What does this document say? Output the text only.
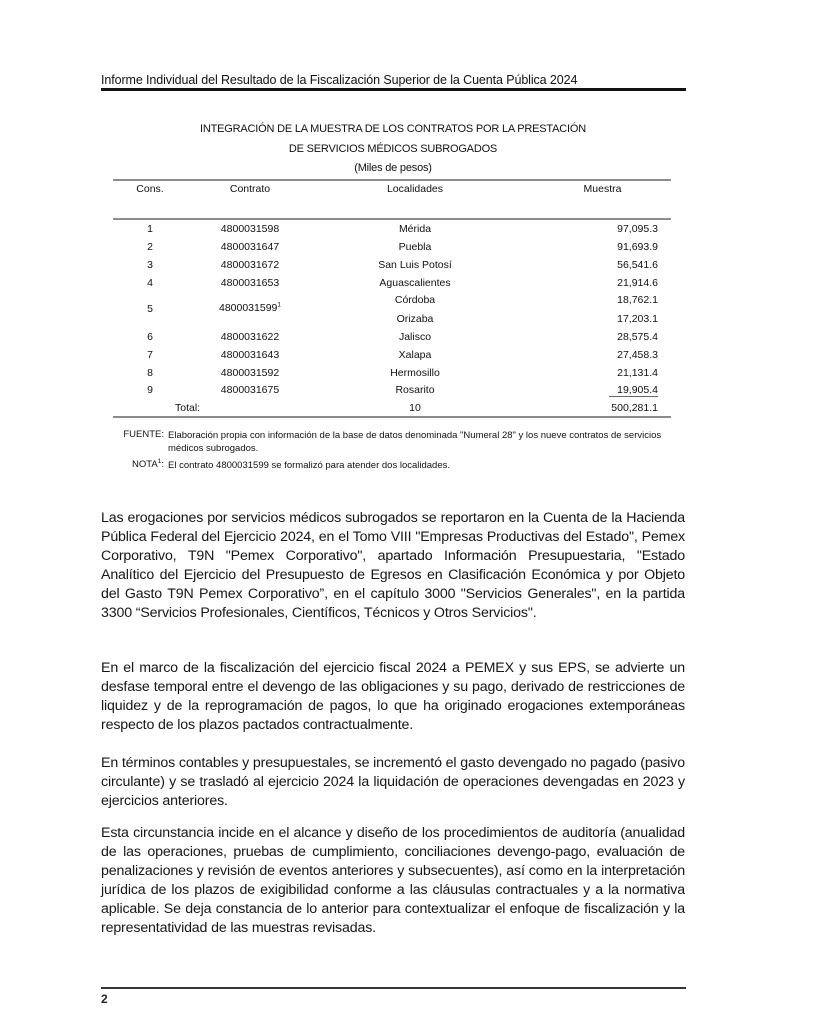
Informe Individual del Resultado de la Fiscalización Superior de la Cuenta Pública 2024
INTEGRACIÓN DE LA MUESTRA DE LOS CONTRATOS POR LA PRESTACIÓN
DE SERVICIOS MÉDICOS SUBROGADOS
(Miles de pesos)
Cons.	Contrato	Localidades	Muestra
1	4800031598	Mérida	97,095.3
2	4800031647	Puebla	91,693.9
3	4800031672	San Luis Potosí	56,541.6
4	4800031653	Aguascalientes	21,914.6
5	4800031599$^1$	Córdoba	18,762.1
Orizaba	17,203.1
6	4800031622	Jalisco	28,575.4
7	4800031643	Xalapa	27,458.3
8	4800031592	Hermosillo	21,131.4
9	4800031675	Rosarito	19,905.4
Total:	10	500,281.1
FUENTE: Elaboración propia con información de la base de datos denominada "Numeral 28" y los nueve contratos de servicios médicos subrogados.
NOTA$^1$: El contrato 4800031599 se formalizó para atender dos localidades.

Las erogaciones por servicios médicos subrogados se reportaron en la Cuenta de la Hacienda Pública Federal del Ejercicio 2024, en el Tomo VIII "Empresas Productivas del Estado", Pemex Corporativo, T9N "Pemex Corporativo", apartado Información Presupuestaria, "Estado Analítico del Ejercicio del Presupuesto de Egresos en Clasificación Económica y por Objeto del Gasto T9N Pemex Corporativo”, en el capítulo 3000 "Servicios Generales", en la partida 3300 “Servicios Profesionales, Científicos, Técnicos y Otros Servicios".

En el marco de la fiscalización del ejercicio fiscal 2024 a PEMEX y sus EPS, se advierte un desfase temporal entre el devengo de las obligaciones y su pago, derivado de restricciones de liquidez y de la reprogramación de pagos, lo que ha originado erogaciones extemporáneas respecto de los plazos pactados contractualmente.

En términos contables y presupuestales, se incrementó el gasto devengado no pagado (pasivo circulante) y se trasladó al ejercicio 2024 la liquidación de operaciones devengadas en 2023 y ejercicios anteriores.

Esta circunstancia incide en el alcance y diseño de los procedimientos de auditoría (anualidad de las operaciones, pruebas de cumplimiento, conciliaciones devengo-pago, evaluación de penalizaciones y revisión de eventos anteriores y subsecuentes), así como en la interpretación jurídica de los plazos de exigibilidad conforme a las cláusulas contractuales y a la normativa aplicable. Se deja constancia de lo anterior para contextualizar el enfoque de fiscalización y la representatividad de las muestras revisadas.

2
